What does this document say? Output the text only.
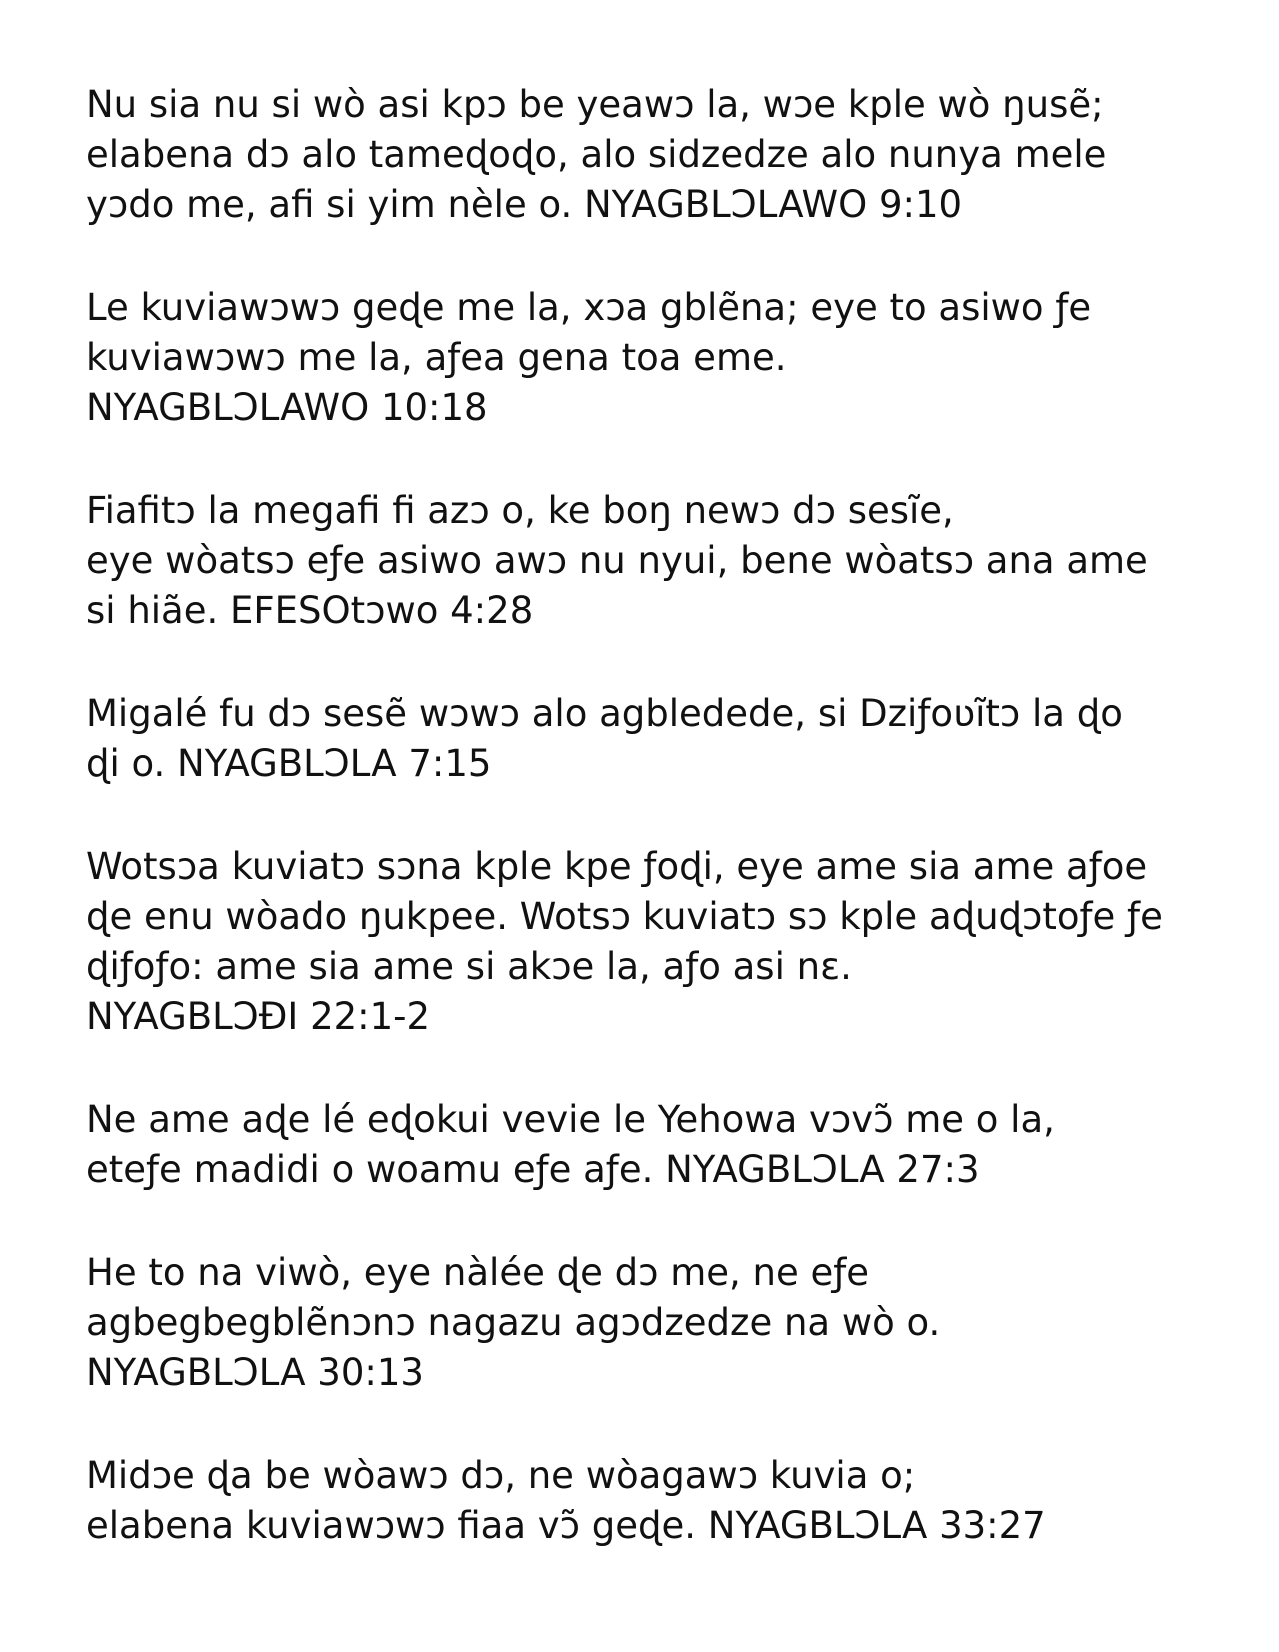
Nu sia nu si wò asi kpɔ be yeawɔ la, wɔe kple wò ŋusẽ;
elabena dɔ alo tameɖoɖo, alo sidzedze alo nunya mele
yɔdo me, afi si yim nèle o. NYAGBLƆLAWO 9:10

Le kuviawɔwɔ geɖe me la, xɔa gblẽna; eye to asiwo ƒe
kuviawɔwɔ me la, aƒea gena toa eme.
NYAGBLƆLAWO 10:18

Fiafitɔ la megafi fi azɔ o, ke boŋ newɔ dɔ sesĩe,
eye wòatsɔ eƒe asiwo awɔ nu nyui, bene wòatsɔ ana ame
si hiãe. EFESOtɔwo 4:28

Migalé fu dɔ sesẽ wɔwɔ alo agbledede, si Dziƒoʋĩtɔ la ɖo
ɖi o. NYAGBLƆLA 7:15

Wotsɔa kuviatɔ sɔna kple kpe ƒoɖi, eye ame sia ame aƒoe
ɖe enu wòado ŋukpee. Wotsɔ kuviatɔ sɔ kple aɖuɖɔtoƒe ƒe
ɖiƒoƒo: ame sia ame si akɔe la, aƒo asi nɛ.
NYAGBLƆĐI 22:1-2

Ne ame aɖe lé eɖokui vevie le Yehowa vɔvɔ̃ me o la,
eteƒe madidi o woamu eƒe aƒe. NYAGBLƆLA 27:3

He to na viwò, eye nàlée ɖe dɔ me, ne eƒe
agbegbegblẽnɔnɔ nagazu agɔdzedze na wò o.
NYAGBLƆLA 30:13

Midɔe ɖa be wòawɔ dɔ, ne wòagawɔ kuvia o;
elabena kuviawɔwɔ fiaa vɔ̃ geɖe. NYAGBLƆLA 33:27
